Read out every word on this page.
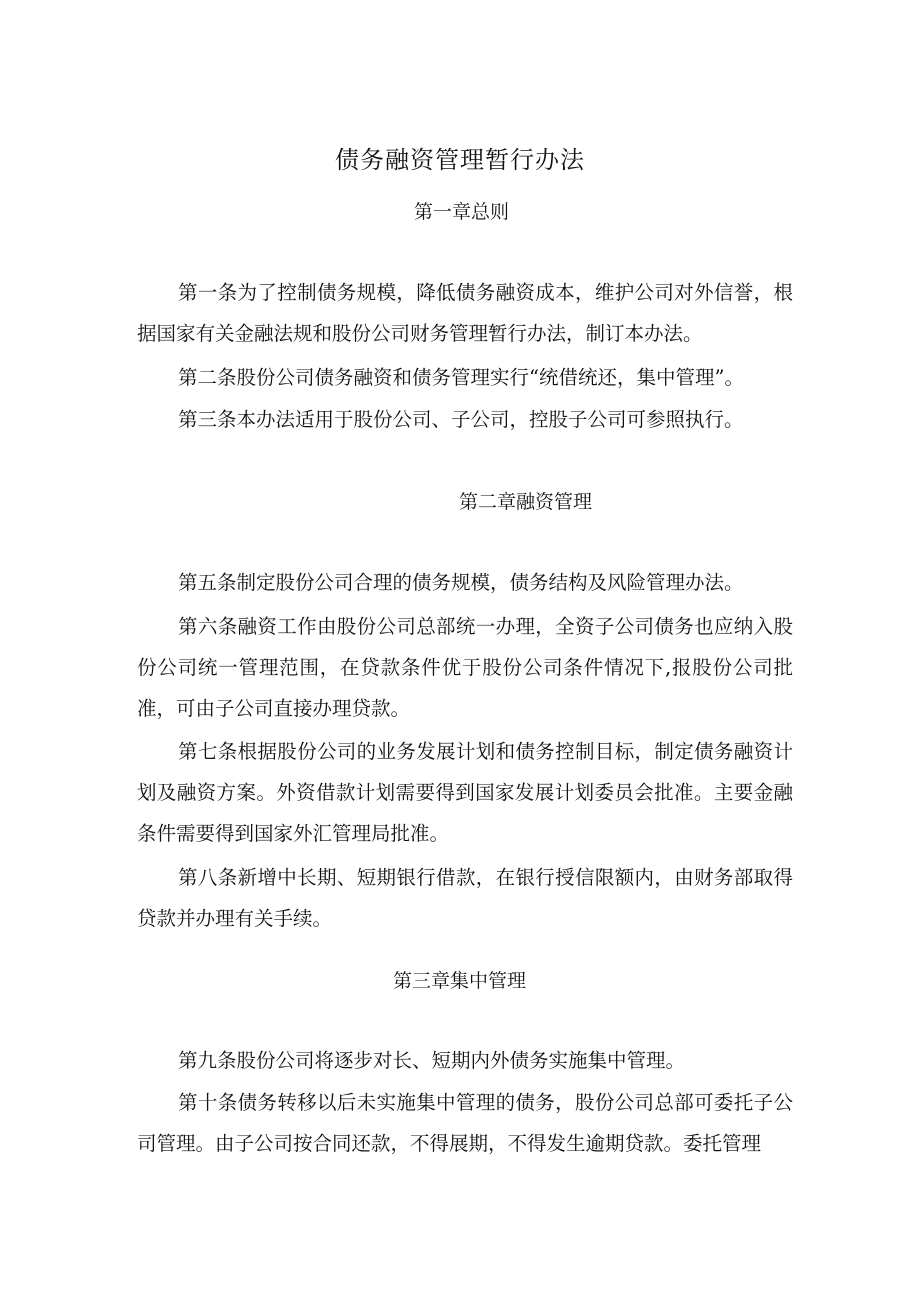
债务融资管理暂行办法
第一章总则

第一条为了控制债务规模，降低债务融资成本，维护公司对外信誉，根据国家有关金融法规和股份公司财务管理暂行办法，制订本办法。

第二条股份公司债务融资和债务管理实行“统借统还，集中管理”。

第三条本办法适用于股份公司、子公司，控股子公司可参照执行。

第二章融资管理

第五条制定股份公司合理的债务规模，债务结构及风险管理办法。

第六条融资工作由股份公司总部统一办理，全资子公司债务也应纳入股份公司统一管理范围，在贷款条件优于股份公司条件情况下,报股份公司批准，可由子公司直接办理贷款。

第七条根据股份公司的业务发展计划和债务控制目标，制定债务融资计划及融资方案。外资借款计划需要得到国家发展计划委员会批准。主要金融条件需要得到国家外汇管理局批准。

第八条新增中长期、短期银行借款，在银行授信限额内，由财务部取得贷款并办理有关手续。

第三章集中管理

第九条股份公司将逐步对长、短期内外债务实施集中管理。

第十条债务转移以后未实施集中管理的债务，股份公司总部可委托子公司管理。由子公司按合同还款，不得展期，不得发生逾期贷款。委托管理
